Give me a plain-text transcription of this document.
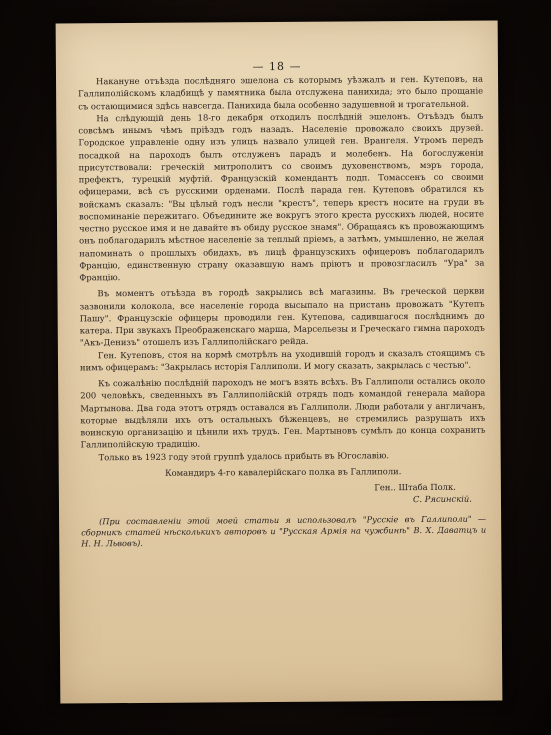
— 18 —

Накануне отъѣзда послѣдняго эшелона съ которымъ уѣзжалъ и ген. Кутеповъ, на Галлиполійскомъ кладбищѣ у памятника была отслужена панихида; это было прощаніе съ остающимися здѣсь навсегда. Панихида была особенно задушевной и трогательной.

На слѣдующій день 18-го декабря отходилъ послѣдній эшелонъ. Отъѣздъ былъ совсѣмъ инымъ чѣмъ пріѣздъ годъ назадъ. Населеніе провожало своихъ друзей. Городское управленіе одну изъ улицъ назвало улицей ген. Врангеля. Утромъ передъ посадкой на пароходъ былъ отслуженъ парадъ и молебенъ. На богослуженіи присутствовали: греческій митрополитъ со своимъ духовенствомъ, мэръ города, префектъ, турецкій муфтій. Французскій комендантъ подп. Томассенъ со своими офицерами, всѣ съ русскими орденами. Послѣ парада ген. Кутеповъ обратился къ войскамъ сказалъ: "Вы цѣлый годъ несли "крестъ", теперь крестъ носите на груди въ воспоминаніе пережитаго. Объедините же вокругъ этого креста русскихъ людей, носите честно русское имя и не давайте въ обиду русское знамя". Обращаясь къ провожающимъ онъ поблагодарилъ мѣстное населеніе за теплый пріемъ, а затѣмъ, умышленно, не желая напоминать о прошлыхъ обидахъ, въ лицѣ французскихъ офицеровъ поблагодарилъ Францію, единственную страну оказавшую намъ пріютъ и провозгласилъ "Ура" за Францію.

Въ моментъ отъѣзда въ городѣ закрылись всѣ магазины. Въ греческой церкви зазвонили колокола, все населеніе города высыпало на пристань провожать "Кутепъ Пашу". Французскіе офицеры проводили ген. Кутепова, садившагося послѣднимъ до катера. При звукахъ Преображенскаго марша, Марсельезы и Греческаго гимна пароходъ "Акъ-Денизъ" отошелъ изъ Галлиполійскаго рейда.

Ген. Кутеповъ, стоя на кормѣ смотрѣлъ на уходившій городъ и сказалъ стоящимъ съ нимъ офицерамъ: "Закрылась исторія Галлиполи. И могу сказать, закрылась с честью".

Къ сожалѣнію послѣдній пароходъ не могъ взять всѣхъ. Въ Галлиполи остались около 200 человѣкъ, сведенныхъ въ Галлиполійскій отрядъ подъ командой генерала майора Мартынова. Два года этотъ отрядъ оставался въ Галлиполи. Люди работали у англичанъ, которые выдѣляли ихъ отъ остальныхъ бѣженцевъ, не стремились разрушать ихъ воинскую организацію и цѣнили ихъ трудъ. Ген. Мартыновъ сумѣлъ до конца сохранить Галлиполійскую традицію.

Только въ 1923 году этой группѣ удалось прибыть въ Югославію.

Командиръ 4-го кавалерійскаго полка въ Галлиполи.

Ген.. Штаба Полк.

С. Рясинскій.

(При составленіи этой моей статьи я использовалъ "Русскіе въ Галлиполи" — сборникъ статей нѣсколькихъ авторовъ и "Русская Армія на чужбинѣ" В. Х. Даватцъ и Н. Н. Львовъ).
